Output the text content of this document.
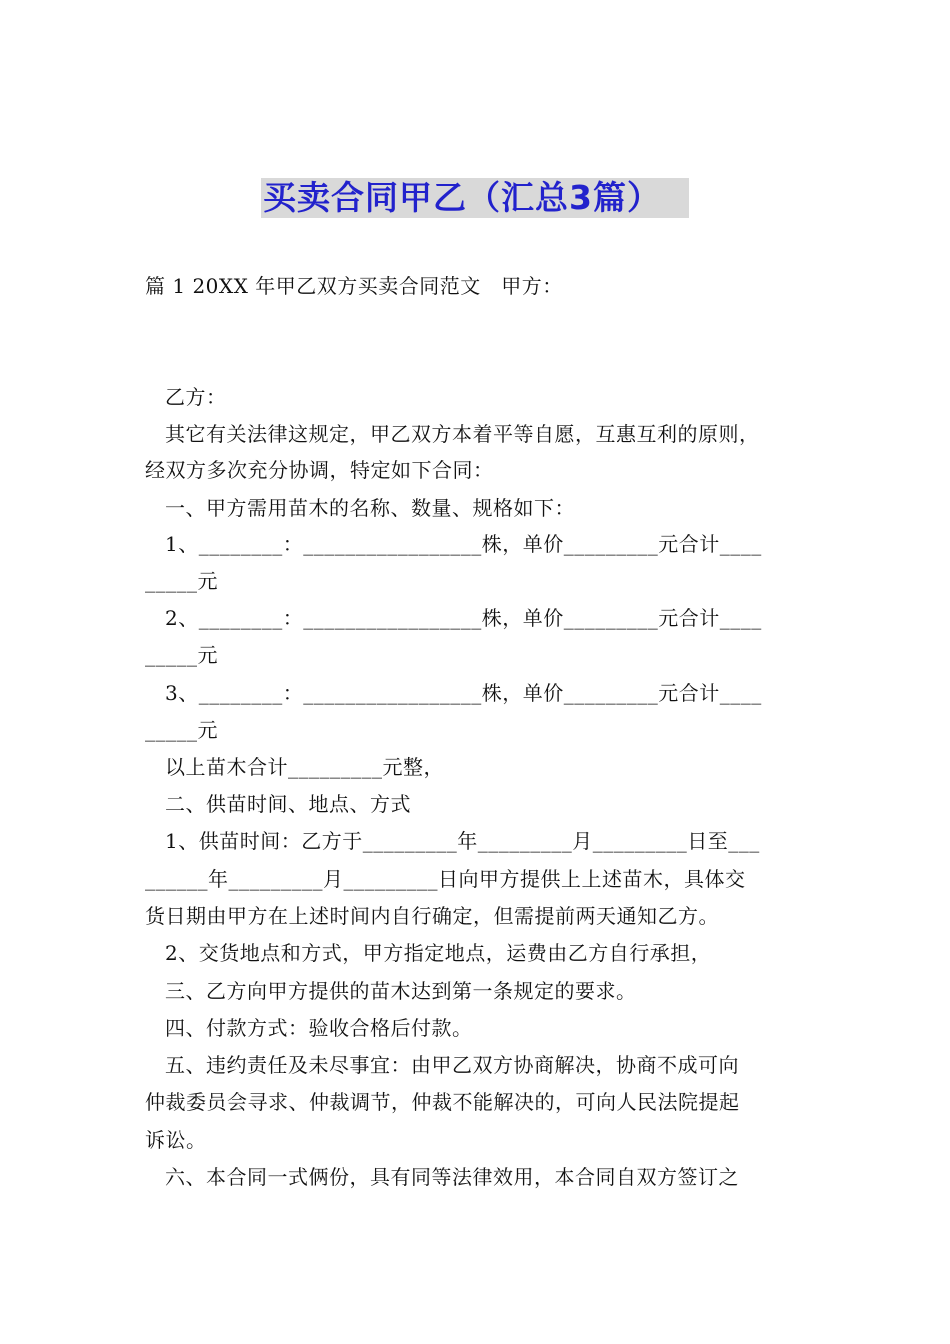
买卖合同甲乙（汇总3篇）
篇 1 20XX 年甲乙双方买卖合同范文　甲方：
乙方：
其它有关法律这规定，甲乙双方本着平等自愿，互惠互利的原则，
经双方多次充分协调，特定如下合同：
一、甲方需用苗木的名称、数量、规格如下：
1、________：_________________株，单价_________元合计____
_____元
2、________：_________________株，单价_________元合计____
_____元
3、________：_________________株，单价_________元合计____
_____元
以上苗木合计_________元整，
二、供苗时间、地点、方式
1、供苗时间：乙方于_________年_________月_________日至___
______年_________月_________日向甲方提供上上述苗木，具体交
货日期由甲方在上述时间内自行确定，但需提前两天通知乙方。
2、交货地点和方式，甲方指定地点，运费由乙方自行承担，
三、乙方向甲方提供的苗木达到第一条规定的要求。
四、付款方式：验收合格后付款。
五、违约责任及未尽事宜：由甲乙双方协商解决，协商不成可向
仲裁委员会寻求、仲裁调节，仲裁不能解决的，可向人民法院提起
诉讼。
六、本合同一式俩份，具有同等法律效用，本合同自双方签订之
